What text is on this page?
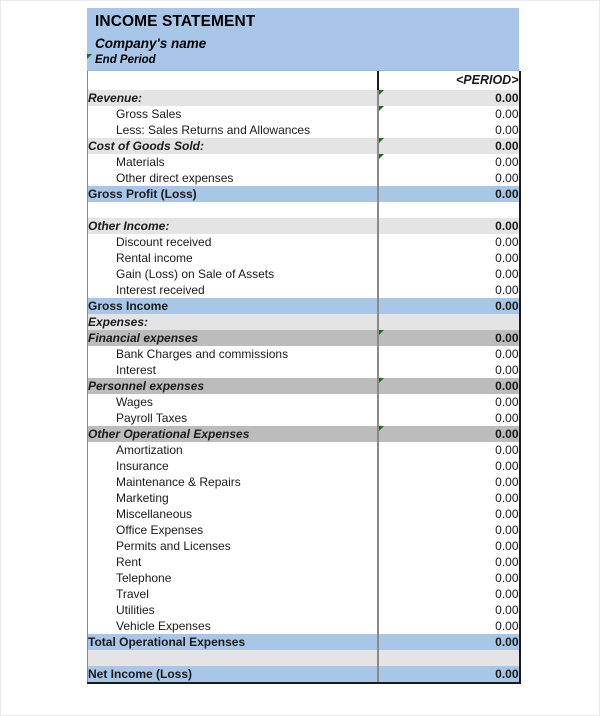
INCOME STATEMENT
Company's name
End Period
	<PERIOD>
Revenue:	0.00
Gross Sales	0.00
Less: Sales Returns and Allowances	0.00
Cost of Goods Sold:	0.00
Materials	0.00
Other direct expenses	0.00
Gross Profit (Loss)	0.00

Other Income:	0.00
Discount received	0.00
Rental income	0.00
Gain (Loss) on Sale of Assets	0.00
Interest received	0.00
Gross Income	0.00
Expenses:	
Financial expenses	0.00
Bank Charges and commissions	0.00
Interest	0.00
Personnel expenses	0.00
Wages	0.00
Payroll Taxes	0.00
Other Operational Expenses	0.00
Amortization	0.00
Insurance	0.00
Maintenance & Repairs	0.00
Marketing	0.00
Miscellaneous	0.00
Office Expenses	0.00
Permits and Licenses	0.00
Rent	0.00
Telephone	0.00
Travel	0.00
Utilities	0.00
Vehicle Expenses	0.00
Total Operational Expenses	0.00

Net Income (Loss)	0.00
